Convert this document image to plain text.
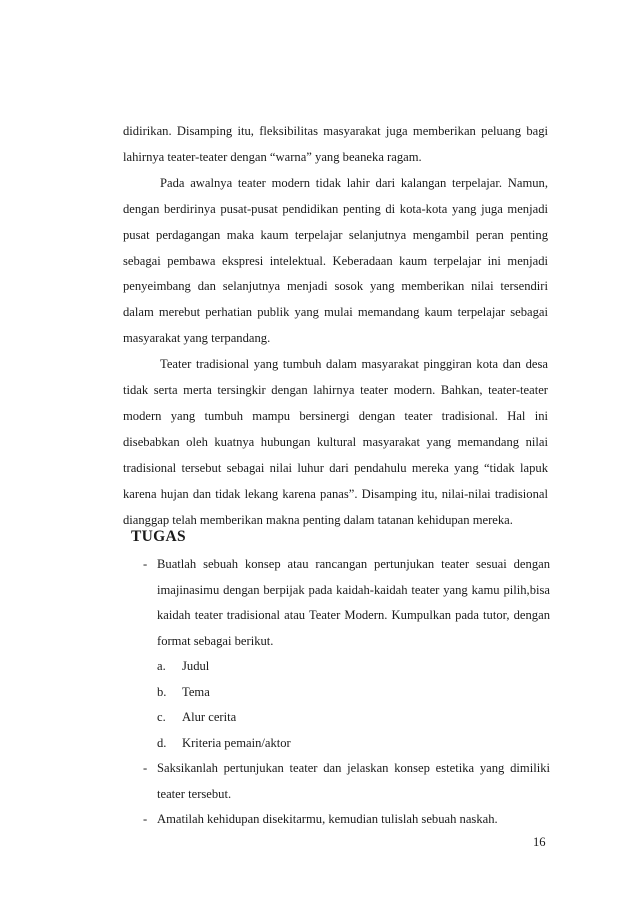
didirikan. Disamping itu, fleksibilitas masyarakat juga memberikan peluang bagi lahirnya teater-teater dengan “warna” yang beaneka ragam.

Pada awalnya teater modern tidak lahir dari kalangan terpelajar. Namun, dengan berdirinya pusat-pusat pendidikan penting di kota-kota yang juga menjadi pusat perdagangan maka kaum terpelajar selanjutnya mengambil peran penting sebagai pembawa ekspresi intelektual. Keberadaan kaum terpelajar ini menjadi penyeimbang dan selanjutnya menjadi sosok yang memberikan nilai tersendiri dalam merebut perhatian publik yang mulai memandang kaum terpelajar sebagai masyarakat yang terpandang.

Teater tradisional yang tumbuh dalam masyarakat pinggiran kota dan desa tidak serta merta tersingkir dengan lahirnya teater modern. Bahkan, teater-teater modern yang tumbuh mampu bersinergi dengan teater tradisional. Hal ini disebabkan oleh kuatnya hubungan kultural masyarakat yang memandang nilai tradisional tersebut sebagai nilai luhur dari pendahulu mereka yang “tidak lapuk karena hujan dan tidak lekang karena panas”. Disamping itu, nilai-nilai tradisional dianggap telah memberikan makna penting dalam tatanan kehidupan mereka.

TUGAS
- Buatlah sebuah konsep atau rancangan pertunjukan teater sesuai dengan imajinasimu dengan berpijak pada kaidah-kaidah teater yang kamu pilih,bisa kaidah teater tradisional atau Teater Modern. Kumpulkan pada tutor, dengan format sebagai berikut.
a. Judul
b. Tema
c. Alur cerita
d. Kriteria pemain/aktor
- Saksikanlah pertunjukan teater dan jelaskan konsep estetika yang dimiliki teater tersebut.
- Amatilah kehidupan disekitarmu, kemudian tulislah sebuah naskah.
16
